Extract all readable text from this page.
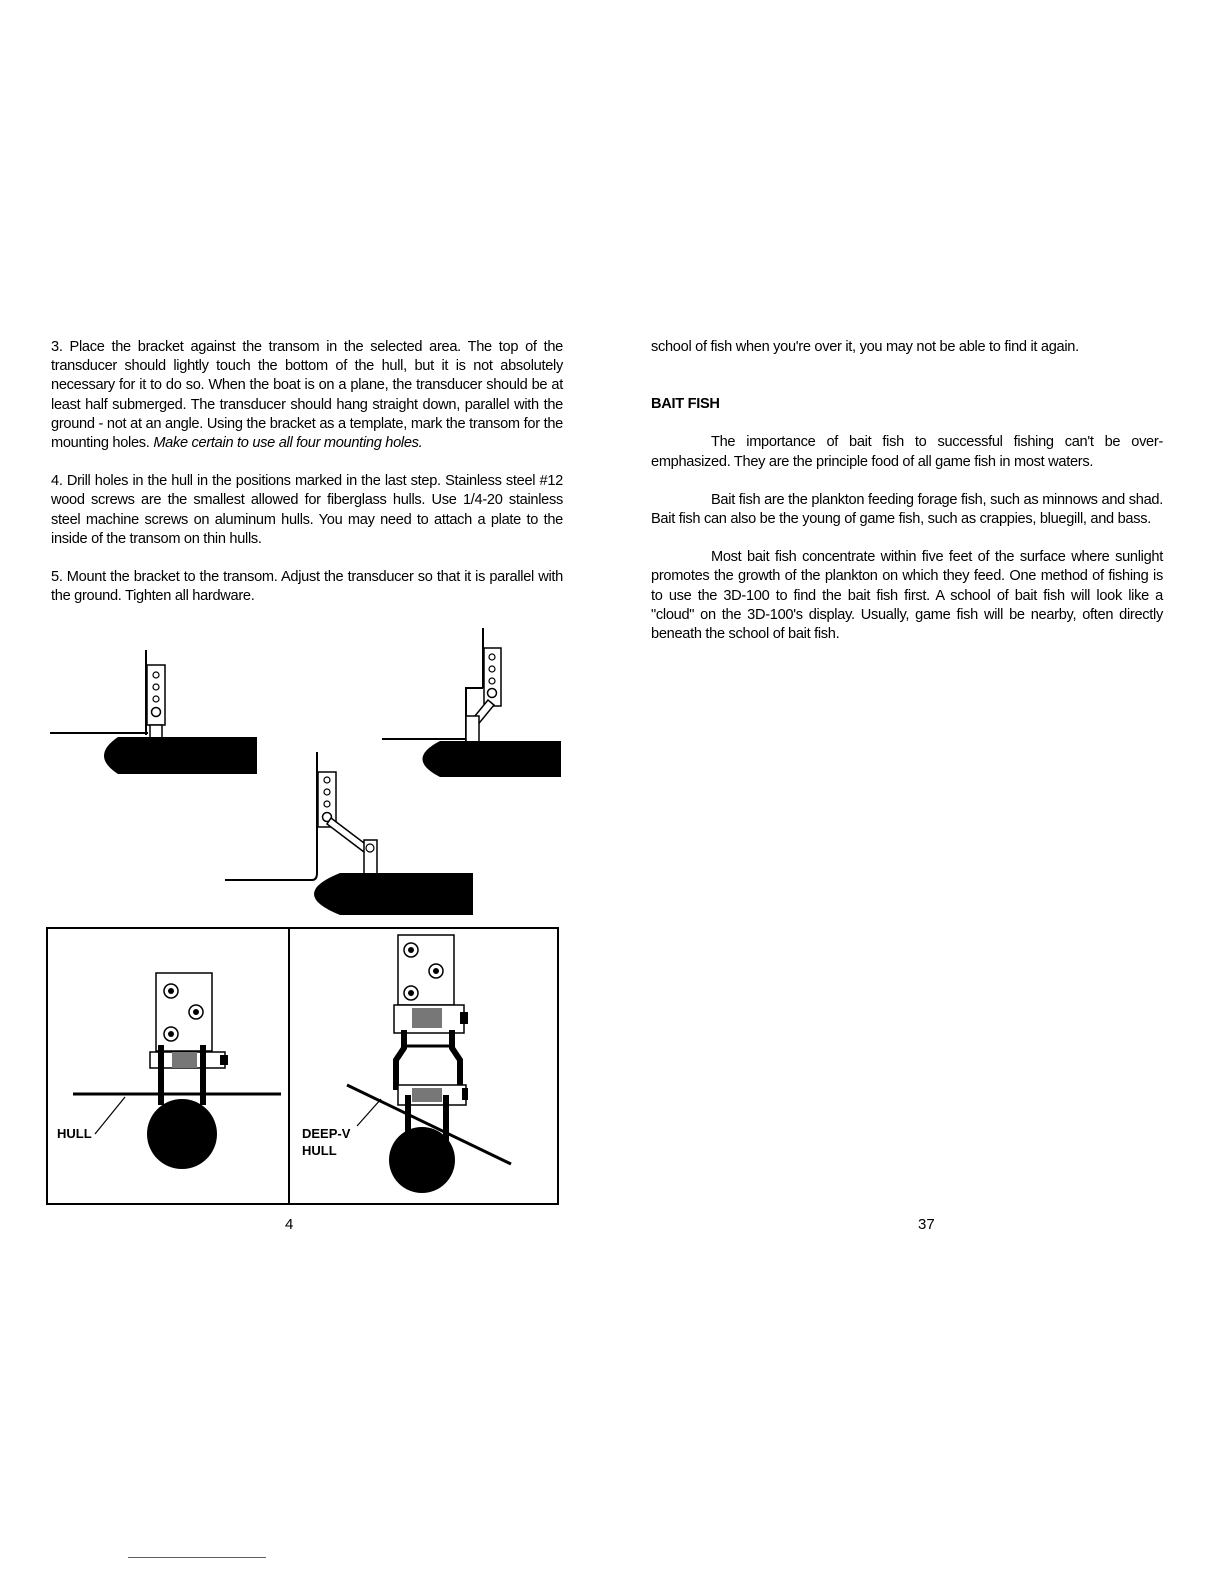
3. Place the bracket against the transom in the selected area. The top of the transducer should lightly touch the bottom of the hull, but it is not absolutely necessary for it to do so. When the boat is on a plane, the transducer should be at least half submerged. The transducer should hang straight down, parallel with the ground - not at an angle. Using the bracket as a template, mark the transom for the mounting holes. Make certain to use all four mounting holes.

4. Drill holes in the hull in the positions marked in the last step. Stainless steel #12 wood screws are the smallest allowed for fiberglass hulls. Use 1/4-20 stainless steel machine screws on aluminum hulls. You may need to attach a plate to the inside of the transom on thin hulls.

5. Mount the bracket to the transom. Adjust the transducer so that it is parallel with the ground. Tighten all hardware.

school of fish when you're over it, you may not be able to find it again.

BAIT FISH

The importance of bait fish to successful fishing can't be over-emphasized. They are the principle food of all game fish in most waters.

Bait fish are the plankton feeding forage fish, such as minnows and shad. Bait fish can also be the young of game fish, such as crappies, bluegill, and bass.

Most bait fish concentrate within five feet of the surface where sunlight promotes the growth of the plankton on which they feed. One method of fishing is to use the 3D-100 to find the bait fish first. A school of bait fish will look like a "cloud" on the 3D-100's display. Usually, game fish will be nearby, often directly beneath the school of bait fish.

HULL	DEEP-V
HULL
4	37
